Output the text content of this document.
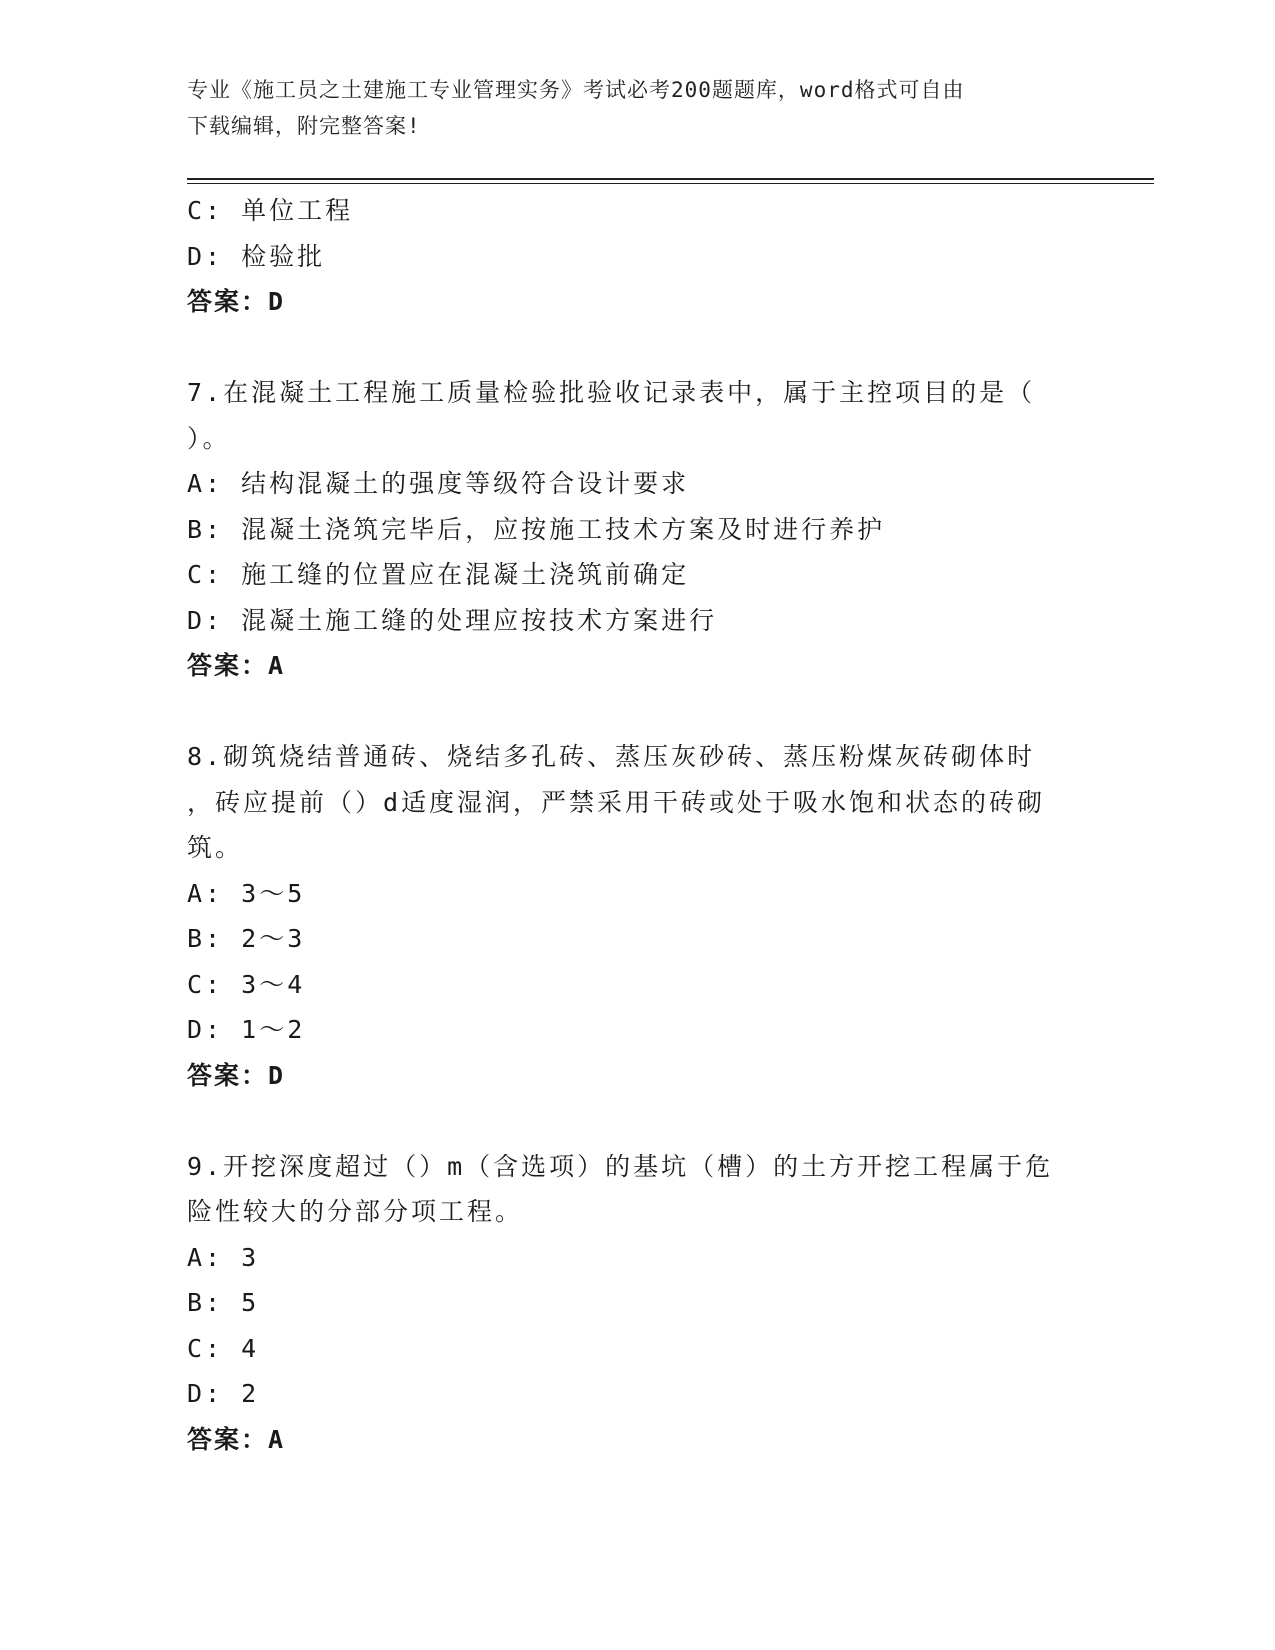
专业《施工员之土建施工专业管理实务》考试必考200题题库，word格式可自由
下载编辑，附完整答案!
C: 单位工程
D: 检验批
答案：D
7.在混凝土工程施工质量检验批验收记录表中，属于主控项目的是（
）。
A: 结构混凝土的强度等级符合设计要求
B: 混凝土浇筑完毕后，应按施工技术方案及时进行养护
C: 施工缝的位置应在混凝土浇筑前确定
D: 混凝土施工缝的处理应按技术方案进行
答案：A
8.砌筑烧结普通砖、烧结多孔砖、蒸压灰砂砖、蒸压粉煤灰砖砌体时
，砖应提前（）d适度湿润，严禁采用干砖或处于吸水饱和状态的砖砌
筑。
A: 3～5
B: 2～3
C: 3～4
D: 1～2
答案：D
9.开挖深度超过（）m（含选项）的基坑（槽）的土方开挖工程属于危
险性较大的分部分项工程。
A: 3
B: 5
C: 4
D: 2
答案：A
